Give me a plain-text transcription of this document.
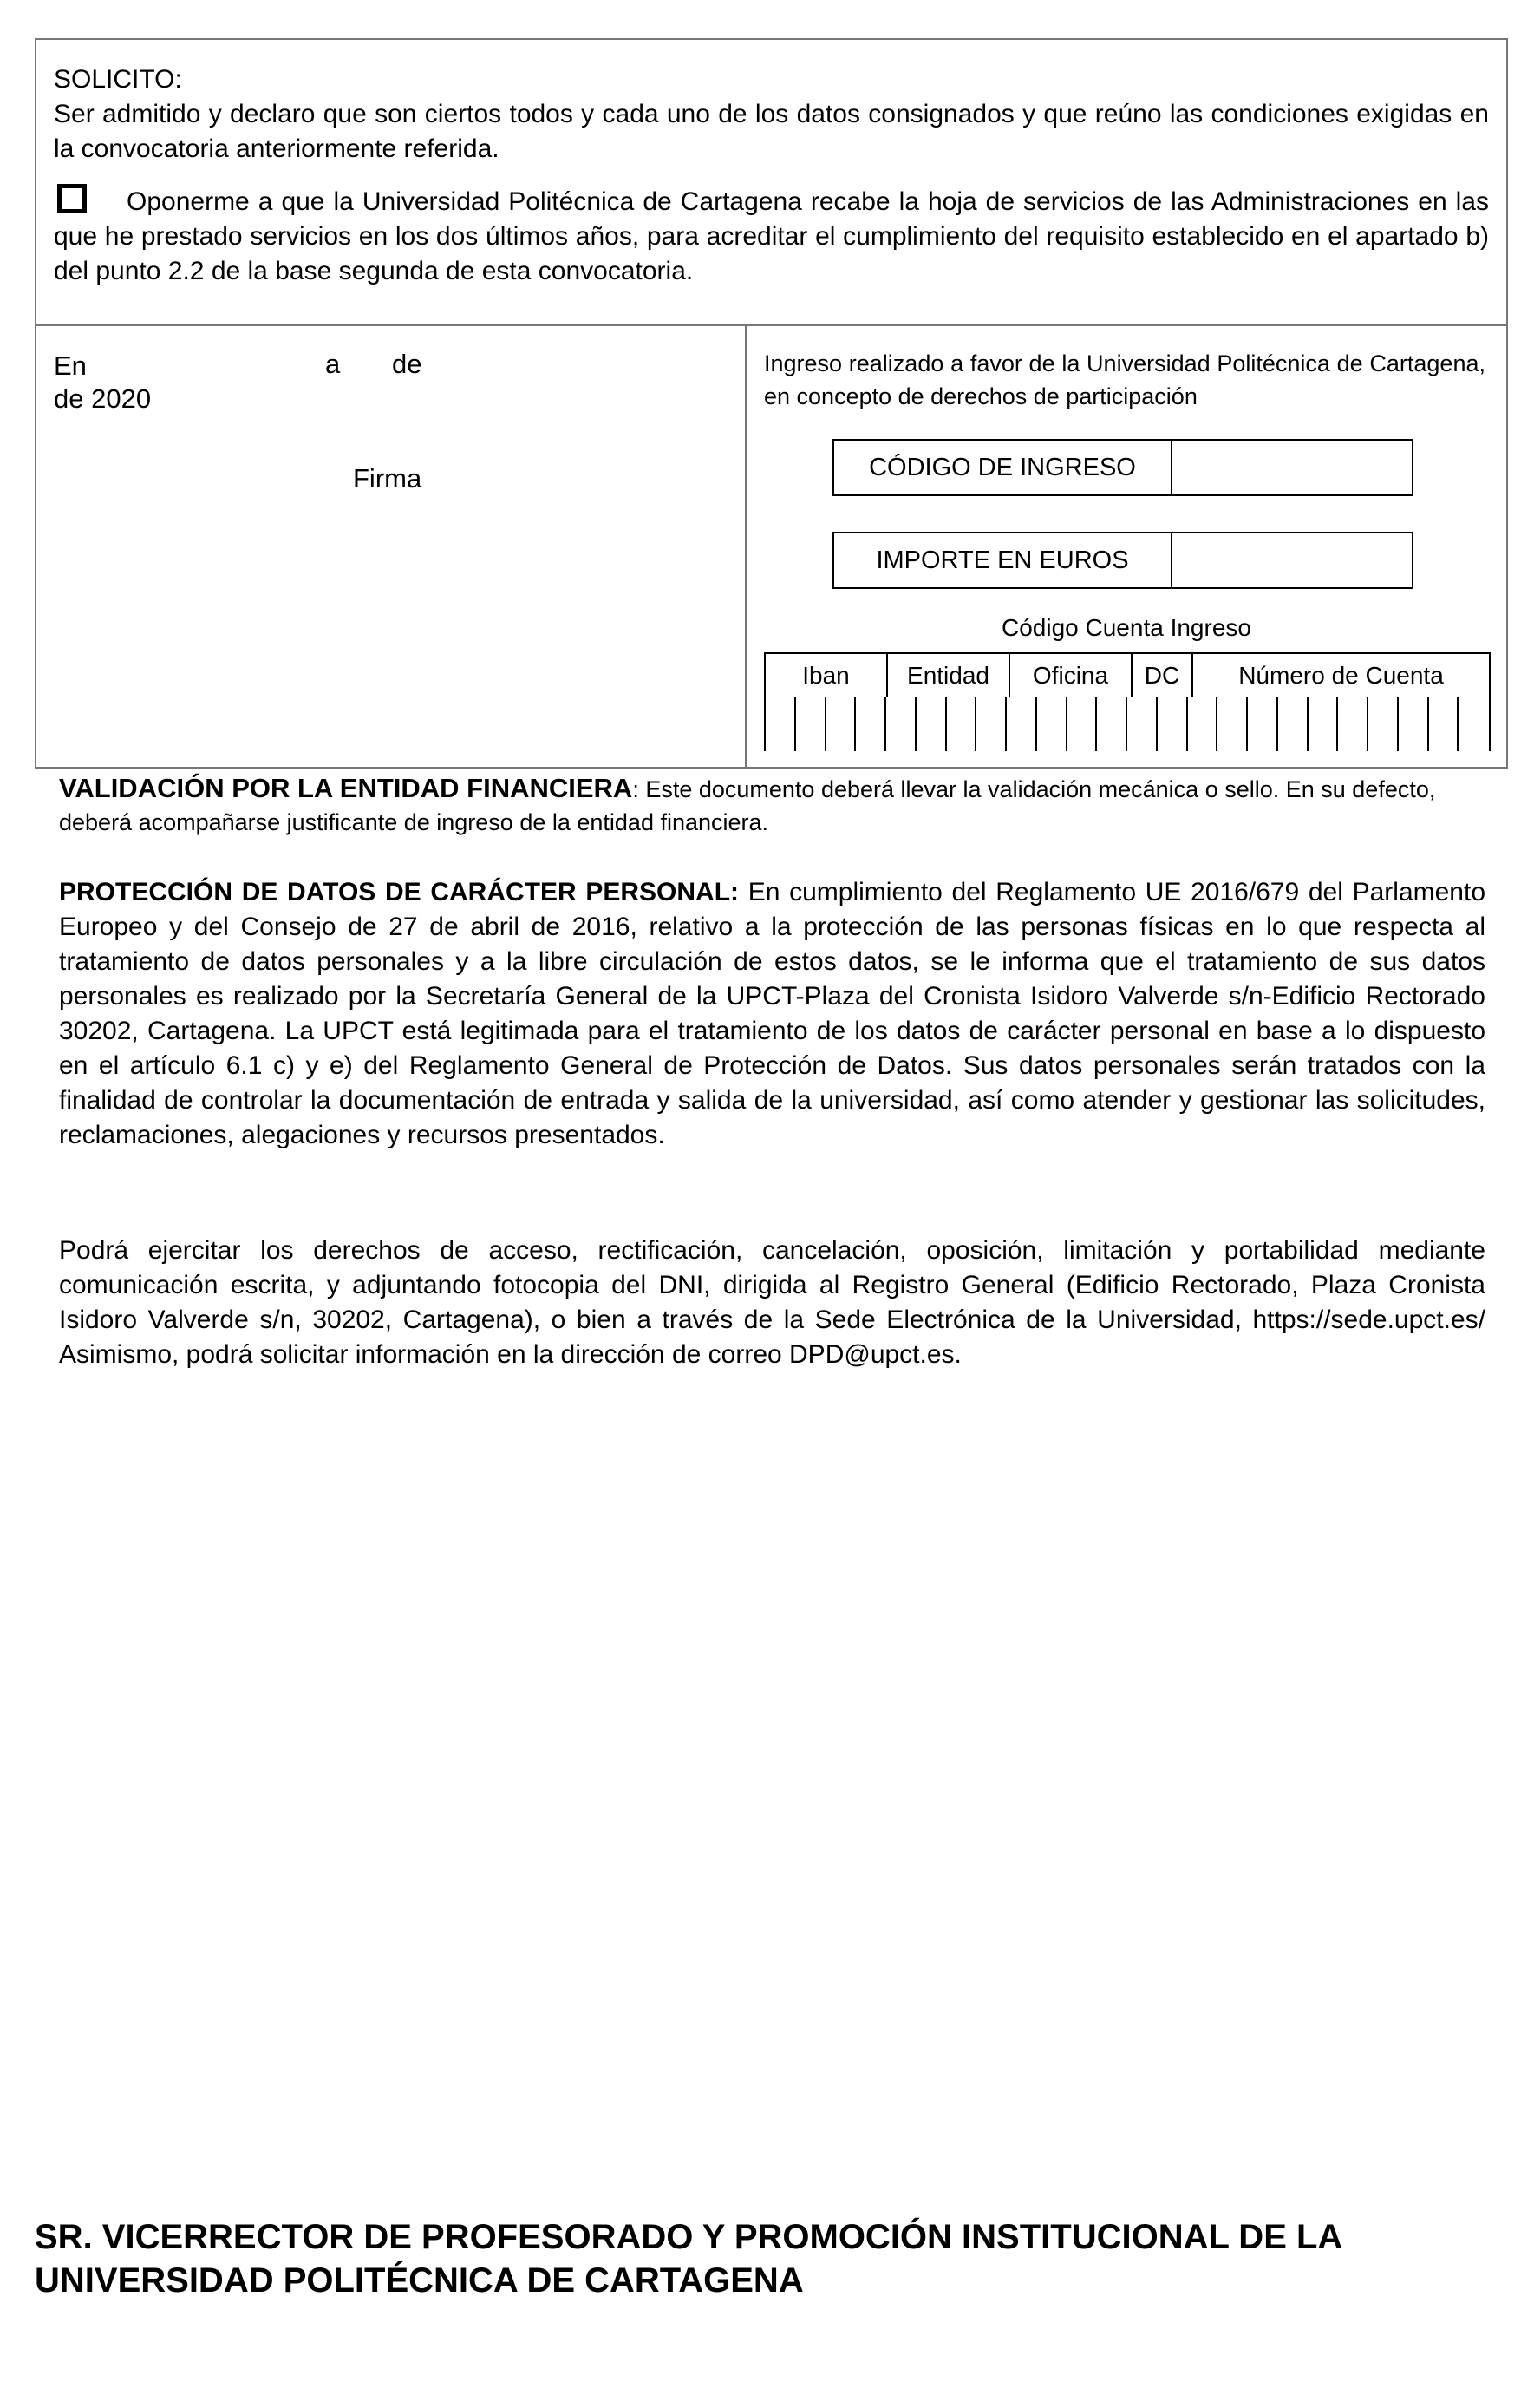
SOLICITO:
Ser admitido y declaro que son ciertos todos y cada uno de los datos consignados y que reúno las condiciones exigidas en la convocatoria anteriormente referida.
Oponerme a que la Universidad Politécnica de Cartagena recabe la hoja de servicios de las Administraciones en las que he prestado servicios en los dos últimos años, para acreditar el cumplimiento del requisito establecido en el apartado b) del punto 2.2 de la base segunda de esta convocatoria.
En	a de
de 2020
Firma
Ingreso realizado a favor de la Universidad Politécnica de Cartagena, en concepto de derechos de participación
CÓDIGO DE INGRESO
IMPORTE EN EUROS
Código Cuenta Ingreso
Iban	Entidad	Oficina	DC	Número de Cuenta
VALIDACIÓN POR LA ENTIDAD FINANCIERA: Este documento deberá llevar la validación mecánica o sello. En su defecto, deberá acompañarse justificante de ingreso de la entidad financiera.
PROTECCIÓN DE DATOS DE CARÁCTER PERSONAL: En cumplimiento del Reglamento UE 2016/679 del Parlamento Europeo y del Consejo de 27 de abril de 2016, relativo a la protección de las personas físicas en lo que respecta al tratamiento de datos personales y a la libre circulación de estos datos, se le informa que el tratamiento de sus datos personales es realizado por la Secretaría General de la UPCT-Plaza del Cronista Isidoro Valverde s/n-Edificio Rectorado 30202, Cartagena. La UPCT está legitimada para el tratamiento de los datos de carácter personal en base a lo dispuesto en el artículo 6.1 c) y e) del Reglamento General de Protección de Datos. Sus datos personales serán tratados con la finalidad de controlar la documentación de entrada y salida de la universidad, así como atender y gestionar las solicitudes, reclamaciones, alegaciones y recursos presentados.
Podrá ejercitar los derechos de acceso, rectificación, cancelación, oposición, limitación y portabilidad mediante comunicación escrita, y adjuntando fotocopia del DNI, dirigida al Registro General (Edificio Rectorado, Plaza Cronista Isidoro Valverde s/n, 30202, Cartagena), o bien a través de la Sede Electrónica de la Universidad, https://sede.upct.es/ Asimismo, podrá solicitar información en la dirección de correo DPD@upct.es.
SR. VICERRECTOR DE PROFESORADO Y PROMOCIÓN INSTITUCIONAL DE LA
UNIVERSIDAD POLITÉCNICA DE CARTAGENA
